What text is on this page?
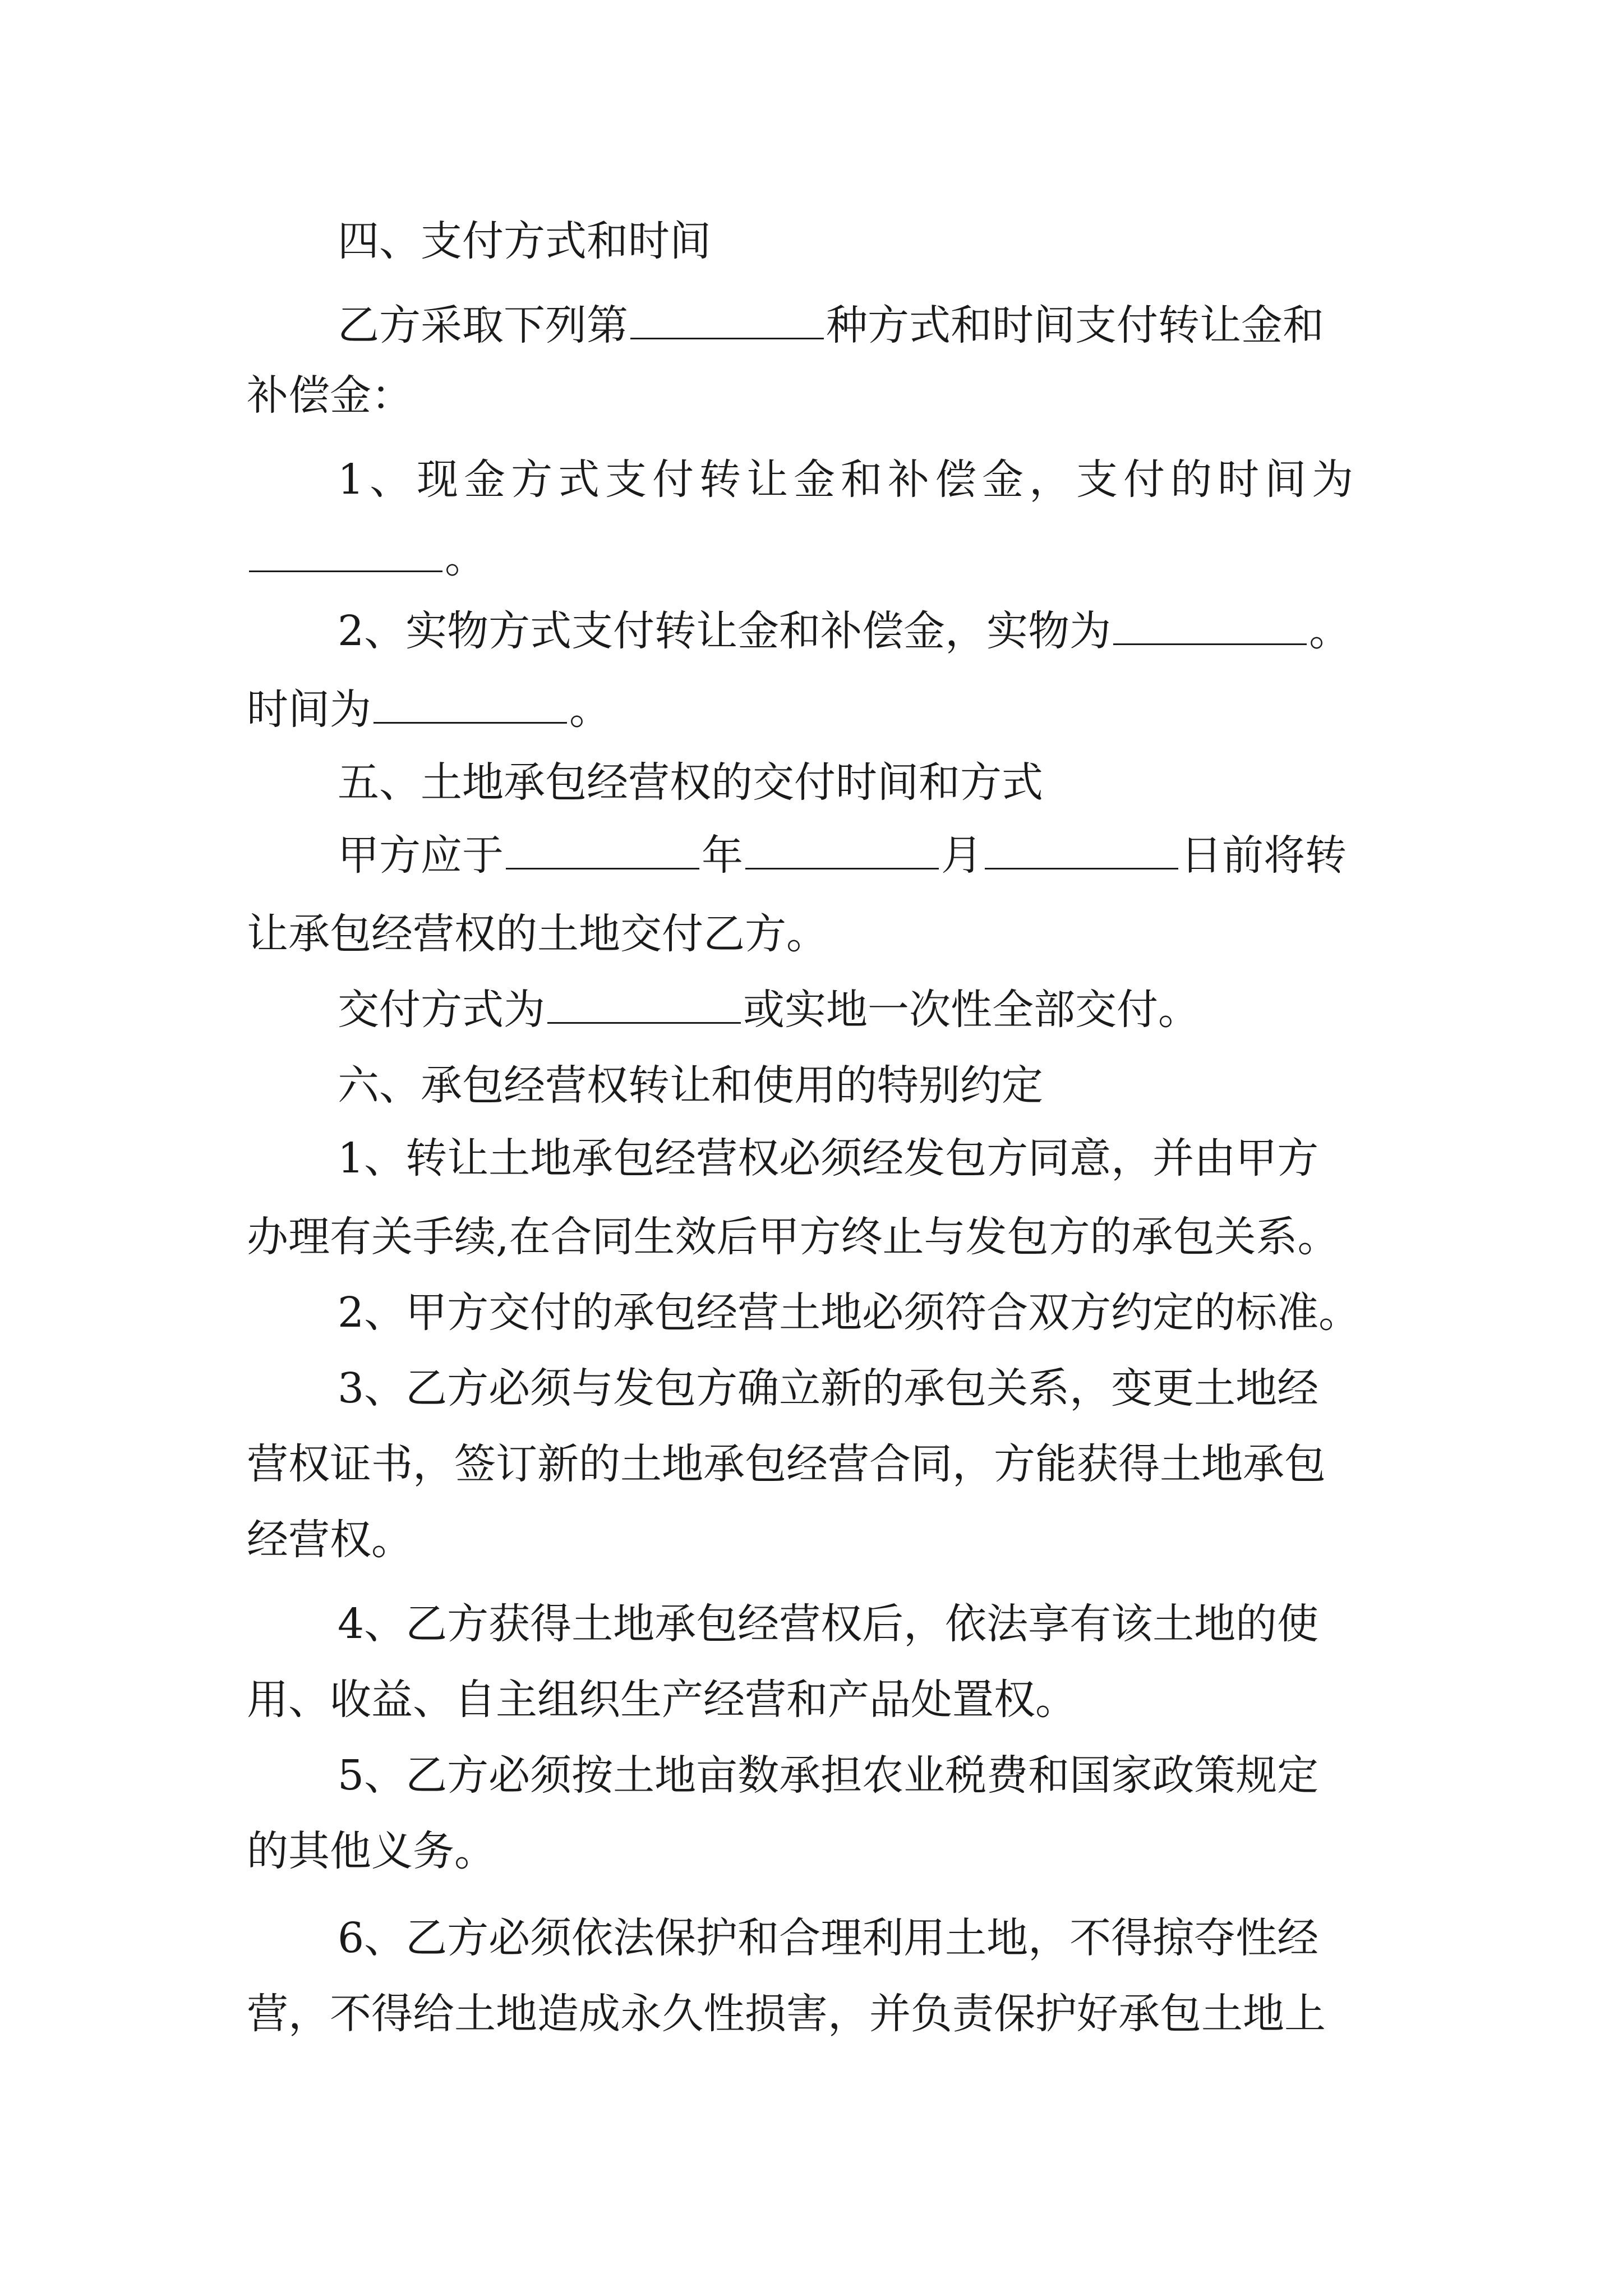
四、支付方式和时间
乙方采取下列第	种方式和时间支付转让金和
补偿金：
1、现金方式支付转让金和补偿金，支付的时间为
。
2、实物方式支付转让金和补偿金，实物为	。
时间为	。
五、土地承包经营权的交付时间和方式
甲方应于	年	月	日前将转
让承包经营权的土地交付乙方。
交付方式为	或实地一次性全部交付。
六、承包经营权转让和使用的特别约定
1、转让土地承包经营权必须经发包方同意，并由甲方
办理有关手续,在合同生效后甲方终止与发包方的承包关系。
2、甲方交付的承包经营土地必须符合双方约定的标准。
3、乙方必须与发包方确立新的承包关系，变更土地经
营权证书，签订新的土地承包经营合同，方能获得土地承包
经营权。
4、乙方获得土地承包经营权后，依法享有该土地的使
用、收益、自主组织生产经营和产品处置权。
5、乙方必须按土地亩数承担农业税费和国家政策规定
的其他义务。
6、乙方必须依法保护和合理利用土地，不得掠夺性经
营，不得给土地造成永久性损害，并负责保护好承包土地上
